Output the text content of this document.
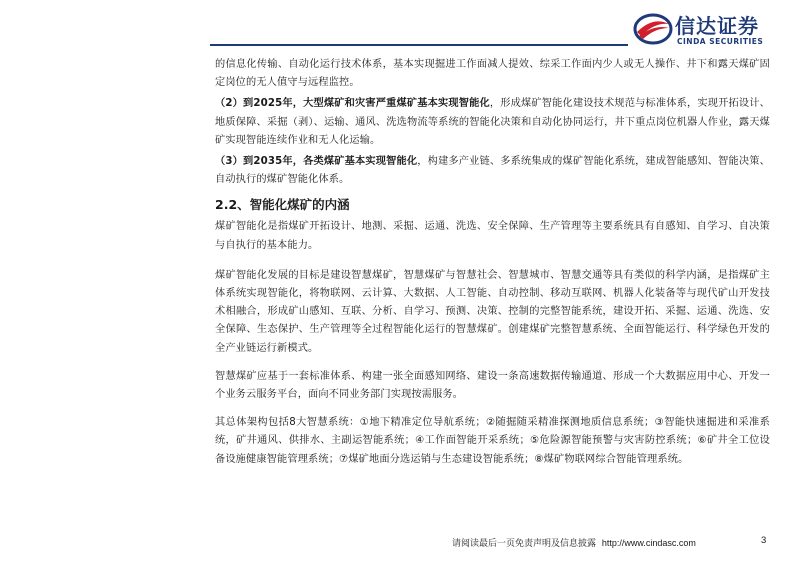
信达证券
CINDA SECURITIES

的信息化传输、自动化运行技术体系，基本实现掘进工作面减人提效、综采工作面内少人或无人操作、井下和露天煤矿固定岗位的无人值守与远程监控。

（2）到2025年，大型煤矿和灾害严重煤矿基本实现智能化，形成煤矿智能化建设技术规范与标准体系，实现开拓设计、地质保障、采掘（剥）、运输、通风、洗选物流等系统的智能化决策和自动化协同运行，井下重点岗位机器人作业，露天煤矿实现智能连续作业和无人化运输。

（3）到2035年，各类煤矿基本实现智能化，构建多产业链、多系统集成的煤矿智能化系统，建成智能感知、智能决策、自动执行的煤矿智能化体系。

2.2、智能化煤矿的内涵

煤矿智能化是指煤矿开拓设计、地测、采掘、运通、洗选、安全保障、生产管理等主要系统具有自感知、自学习、自决策与自执行的基本能力。

煤矿智能化发展的目标是建设智慧煤矿，智慧煤矿与智慧社会、智慧城市、智慧交通等具有类似的科学内涵，是指煤矿主体系统实现智能化，将物联网、云计算、大数据、人工智能、自动控制、移动互联网、机器人化装备等与现代矿山开发技术相融合，形成矿山感知、互联、分析、自学习、预测、决策、控制的完整智能系统，建设开拓、采掘、运通、洗选、安全保障、生态保护、生产管理等全过程智能化运行的智慧煤矿。创建煤矿完整智慧系统、全面智能运行、科学绿色开发的全产业链运行新模式。

智慧煤矿应基于一套标准体系、构建一张全面感知网络、建设一条高速数据传输通道、形成一个大数据应用中心、开发一个业务云服务平台，面向不同业务部门实现按需服务。

其总体架构包括8大智慧系统：①地下精准定位导航系统；②随掘随采精准探测地质信息系统；③智能快速掘进和采准系统，矿井通风、供排水、主副运智能系统；④工作面智能开采系统；⑤危险源智能预警与灾害防控系统；⑥矿井全工位设备设施健康智能管理系统；⑦煤矿地面分选运销与生态建设智能系统；⑧煤矿物联网综合智能管理系统。

请阅读最后一页免责声明及信息披露 http://www.cindasc.com	3
